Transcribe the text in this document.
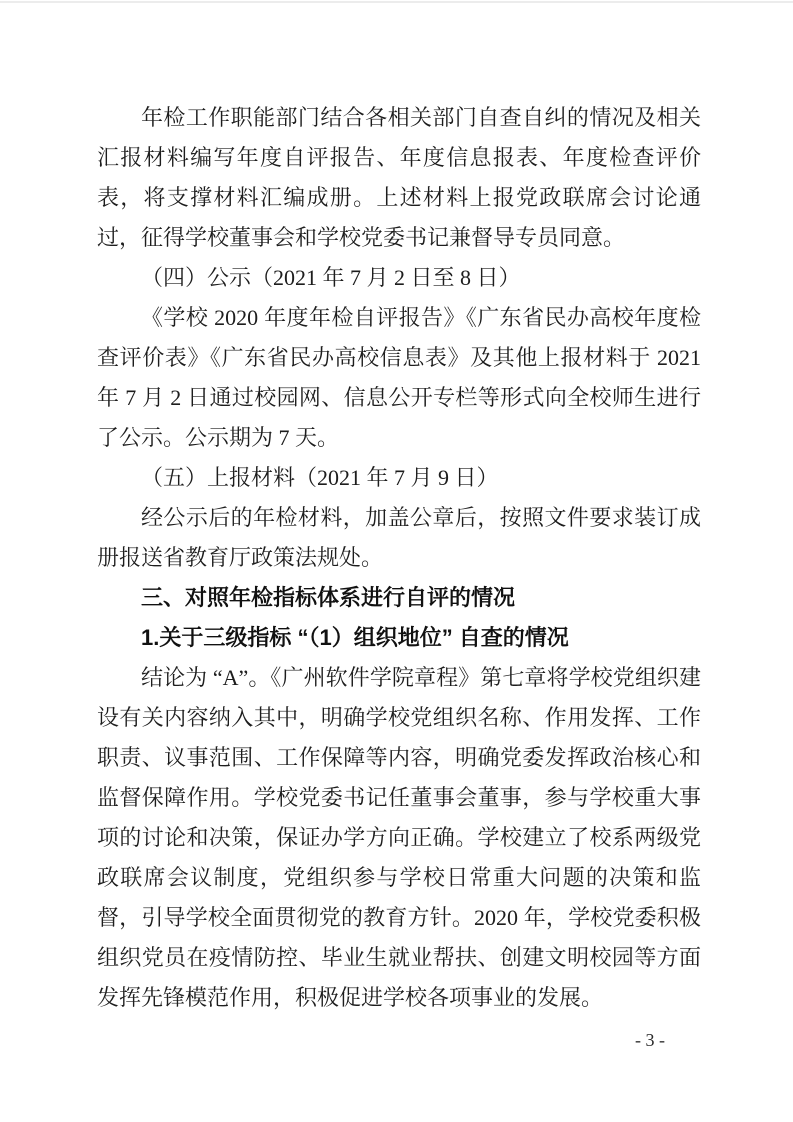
年检工作职能部门结合各相关部门自查自纠的情况及相关汇报材料编写年度自评报告、年度信息报表、年度检查评价表，将支撑材料汇编成册。上述材料上报党政联席会讨论通过，征得学校董事会和学校党委书记兼督导专员同意。

（四）公示（2021 年 7 月 2 日至 8 日）

《学校 2020 年度年检自评报告》《广东省民办高校年度检查评价表》《广东省民办高校信息表》及其他上报材料于 2021 年 7 月 2 日通过校园网、信息公开专栏等形式向全校师生进行了公示。公示期为 7 天。

（五）上报材料（2021 年 7 月 9 日）

经公示后的年检材料，加盖公章后，按照文件要求装订成册报送省教育厅政策法规处。

三、对照年检指标体系进行自评的情况
1.关于三级指标 “（1）组织地位” 自查的情况

结论为 “A”。《广州软件学院章程》第七章将学校党组织建设有关内容纳入其中，明确学校党组织名称、作用发挥、工作职责、议事范围、工作保障等内容，明确党委发挥政治核心和监督保障作用。学校党委书记任董事会董事，参与学校重大事项的讨论和决策，保证办学方向正确。学校建立了校系两级党政联席会议制度，党组织参与学校日常重大问题的决策和监督，引导学校全面贯彻党的教育方针。2020 年，学校党委积极组织党员在疫情防控、毕业生就业帮扶、创建文明校园等方面发挥先锋模范作用，积极促进学校各项事业的发展。

- 3 -
